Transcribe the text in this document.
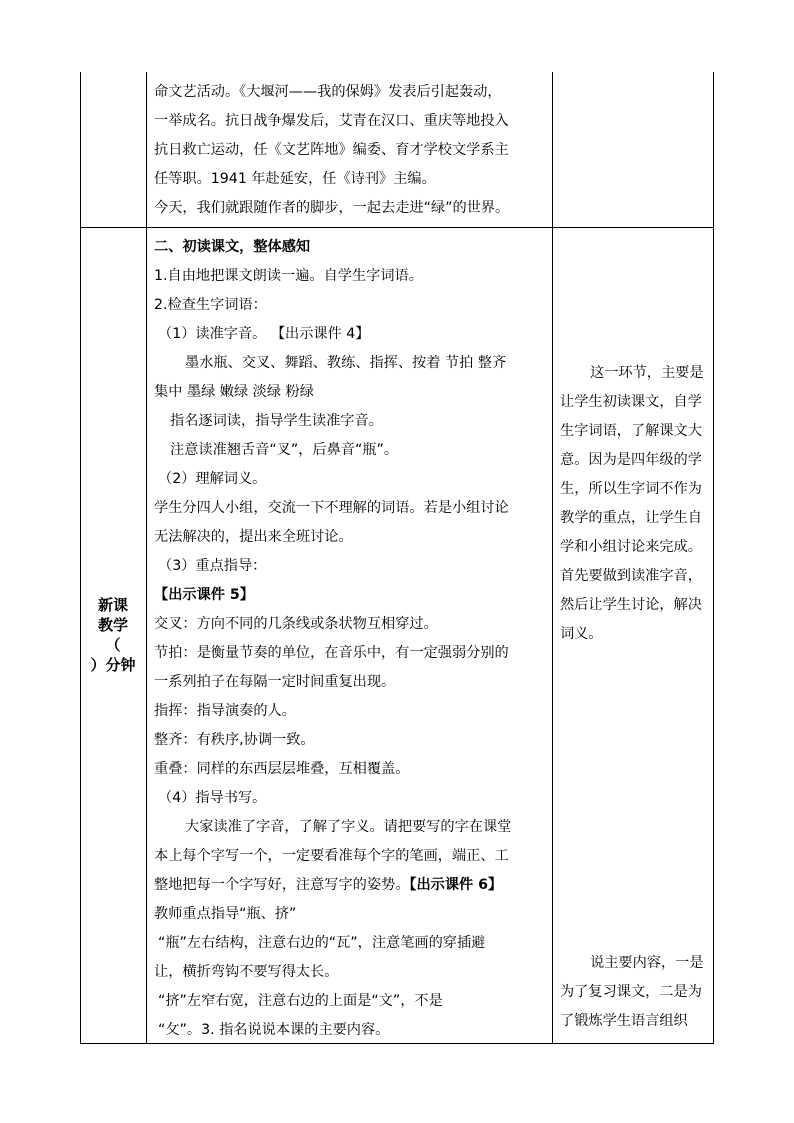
命文艺活动。《大堰河——我的保姆》发表后引起轰动，
一举成名。抗日战争爆发后，艾青在汉口、重庆等地投入
抗日救亡运动，任《文艺阵地》编委、育才学校文学系主
任等职。1941 年赴延安，任《诗刊》主编。
今天，我们就跟随作者的脚步，一起去走进“绿”的世界。
新课
教学
（
）分钟
二、初读课文，整体感知
1.自由地把课文朗读一遍。自学生字词语。
2.检查生字词语：
（1）读准字音。 【出示课件 4】
墨水瓶、交叉、舞蹈、教练、指挥、按着 节拍 整齐
集中 墨绿 嫩绿 淡绿 粉绿
指名逐词读，指导学生读准字音。
注意读准翘舌音“叉”，后鼻音“瓶”。
（2）理解词义。
学生分四人小组，交流一下不理解的词语。若是小组讨论
无法解决的，提出来全班讨论。
（3）重点指导：
【出示课件 5】
交叉：方向不同的几条线或条状物互相穿过。
节拍：是衡量节奏的单位，在音乐中，有一定强弱分别的
一系列拍子在每隔一定时间重复出现。
指挥：指导演奏的人。
整齐：有秩序,协调一致。
重叠：同样的东西层层堆叠，互相覆盖。
（4）指导书写。
大家读准了字音，了解了字义。请把要写的字在课堂
本上每个字写一个，一定要看准每个字的笔画，端正、工
整地把每一个字写好，注意写字的姿势。【出示课件 6】
教师重点指导“瓶、挤”
“瓶”左右结构，注意右边的“瓦”，注意笔画的穿插避
让，横折弯钩不要写得太长。
“挤”左窄右宽，注意右边的上面是“文”，不是
“攵”。3. 指名说说本课的主要内容。
这一环节，主要是
让学生初读课文，自学
生字词语，了解课文大
意。因为是四年级的学
生，所以生字词不作为
教学的重点，让学生自
学和小组讨论来完成。
首先要做到读准字音，
然后让学生讨论，解决
词义。
说主要内容，一是
为了复习课文，二是为
了锻炼学生语言组织
